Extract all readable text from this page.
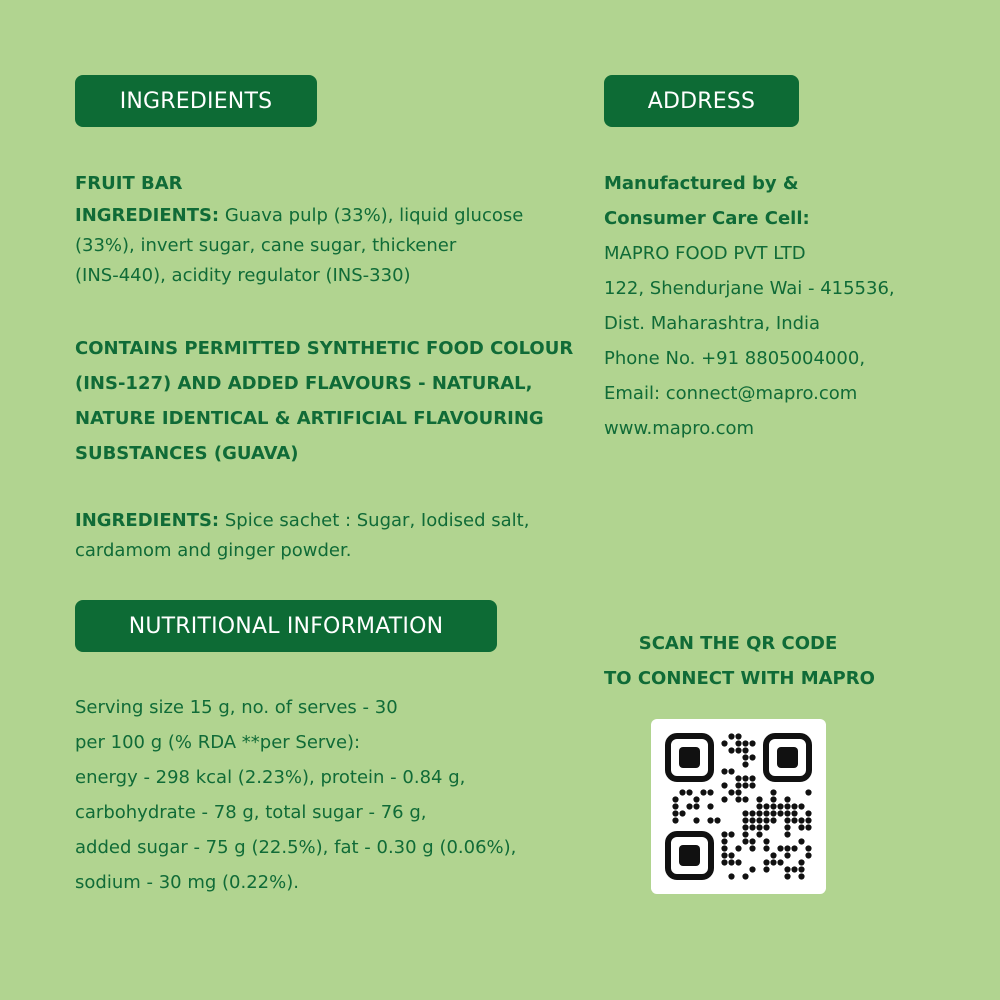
INGREDIENTS	ADDRESS
NUTRITIONAL INFORMATION
FRUIT BAR
INGREDIENTS: Guava pulp (33%), liquid glucose
(33%), invert sugar, cane sugar, thickener
(INS-440), acidity regulator (INS-330)
CONTAINS PERMITTED SYNTHETIC FOOD COLOUR
(INS-127) AND ADDED FLAVOURS - NATURAL,
NATURE IDENTICAL & ARTIFICIAL FLAVOURING
SUBSTANCES (GUAVA)
INGREDIENTS: Spice sachet : Sugar, Iodised salt,
cardamom and ginger powder.
Manufactured by &
Consumer Care Cell:
MAPRO FOOD PVT LTD
122, Shendurjane Wai - 415536,
Dist. Maharashtra, India
Phone No. +91 8805004000,
Email: connect@mapro.com
www.mapro.com
Serving size 15 g, no. of serves - 30
per 100 g (% RDA **per Serve):
energy - 298 kcal (2.23%), protein - 0.84 g,
carbohydrate - 78 g, total sugar - 76 g,
added sugar - 75 g (22.5%), fat - 0.30 g (0.06%),
sodium - 30 mg (0.22%).
SCAN THE QR CODE
TO CONNECT WITH MAPRO
